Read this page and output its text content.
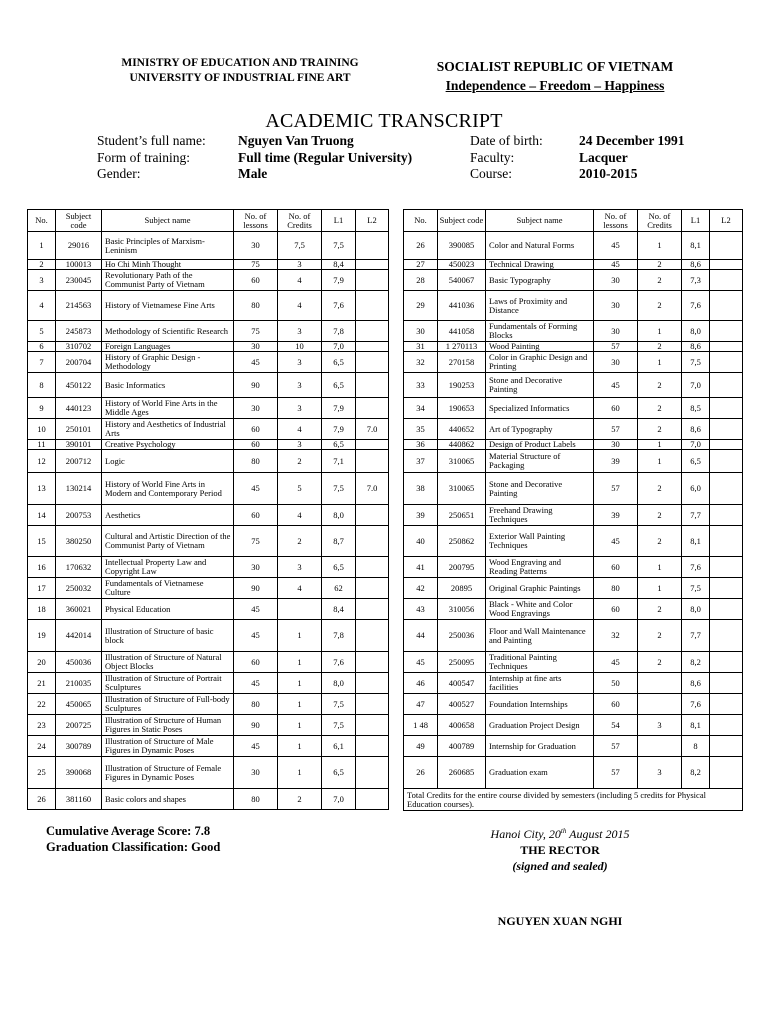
MINISTRY OF EDUCATION AND TRAINING
UNIVERSITY OF INDUSTRIAL FINE ART
SOCIALIST REPUBLIC OF VIETNAM
Independence – Freedom – Happiness
ACADEMIC TRANSCRIPT
Student’s full name:	Nguyen Van Truong
Form of training:	Full time (Regular University)
Gender:	Male
Date of birth:	24 December 1991
Faculty:	Lacquer
Course:	2010-2015
No.	Subject code	Subject name	No. of lessons	No. of Credits	L1	L2
1	29016	Basic Principles of Marxism-Leninism	30	7,5	7,5	
2	100013	Ho Chi Minh Thought	75	3	8,4	
3	230045	Revolutionary Path of the Communist Party of Vietnam	60	4	7,9	
4	214563	History of Vietnamese Fine Arts	80	4	7,6	
5	245873	Methodology of Scientific Research	75	3	7,8	
6	310702	Foreign Languages	30	10	7,0	
7	200704	History of Graphic Design - Methodology	45	3	6,5	
8	450122	Basic Informatics	90	3	6,5	
9	440123	History of World Fine Arts in the Middle Ages	30	3	7,9	
10	250101	History and Aesthetics of Industrial Arts	60	4	7,9	7.0
11	390101	Creative Psychology	60	3	6,5	
12	200712	Logic	80	2	7,1	
13	130214	History of World Fine Arts in Modern and Contemporary Period	45	5	7,5	7.0
14	200753	Aesthetics	60	4	8,0	
15	380250	Cultural and Artistic Direction of the Communist Party of Vietnam	75	2	8,7	
16	170632	Intellectual Property Law and Copyright Law	30	3	6,5	
17	250032	Fundamentals of Vietnamese Culture	90	4	62	
18	360021	Physical Education	45		8,4	
19	442014	Illustration of Structure of basic block	45	1	7,8	
20	450036	Illustration of Structure of Natural Object Blocks	60	1	7,6	
21	210035	Illustration of Structure of Portrait Sculptures	45	1	8,0	
22	450065	Illustration of Structure of Full-body Sculptures	80	1	7,5	
23	200725	Illustration of Structure of Human Figures in Static Poses	90	1	7,5	
24	300789	Illustration of Structure of Male Figures in Dynamic Poses	45	1	6,1	
25	390068	Illustration of Structure of Female Figures in Dynamic Poses	30	1	6,5	
26	381160	Basic colors and shapes	80	2	7,0	
No.	Subject code	Subject name	No. of lessons	No. of Credits	L1	L2
26	390085	Color and Natural Forms	45	1	8,1	
27	450023	Technical Drawing	45	2	8,6	
28	540067	Basic Typography	30	2	7,3	
29	441036	Laws of Proximity and Distance	30	2	7,6	
30	441058	Fundamentals of Forming Blocks	30	1	8,0	
31	1 270113	Wood Painting	57	2	8,6	
32	270158	Color in Graphic Design and Printing	30	1	7,5	
33	190253	Stone and Decorative Painting	45	2	7,0	
34	190653	Specialized Informatics	60	2	8,5	
35	440652	Art of Typography	57	2	8,6	
36	440862	Design of Product Labels	30	1	7,0	
37	310065	Material Structure of Packaging	39	1	6,5	
38	310065	Stone and Decorative Painting	57	2	6,0	
39	250651	Freehand Drawing Techniques	39	2	7,7	
40	250862	Exterior Wall Painting Techniques	45	2	8,1	
41	200795	Wood Engraving and Reading Patterns	60	1	7,6	
42	20895	Original Graphic Paintings	80	1	7,5	
43	310056	Black - White and Color Wood Engravings	60	2	8,0	
44	250036	Floor and Wall Maintenance and Painting	32	2	7,7	
45	250095	Traditional Painting Techniques	45	2	8,2	
46	400547	Internship at fine arts facilities	50		8,6	
47	400527	Foundation Internships	60		7,6	
1 48	400658	Graduation Project Design	54	3	8,1	
49	400789	Internship for Graduation	57		8	
26	260685	Graduation exam	57	3	8,2	
Total Credits for the entire course divided by semesters (including 5 credits for Physical Education courses).						
Cumulative Average Score: 7.8
Graduation Classification: Good
Hanoi City, 20th August 2015
THE RECTOR
(signed and sealed)
NGUYEN XUAN NGHI
